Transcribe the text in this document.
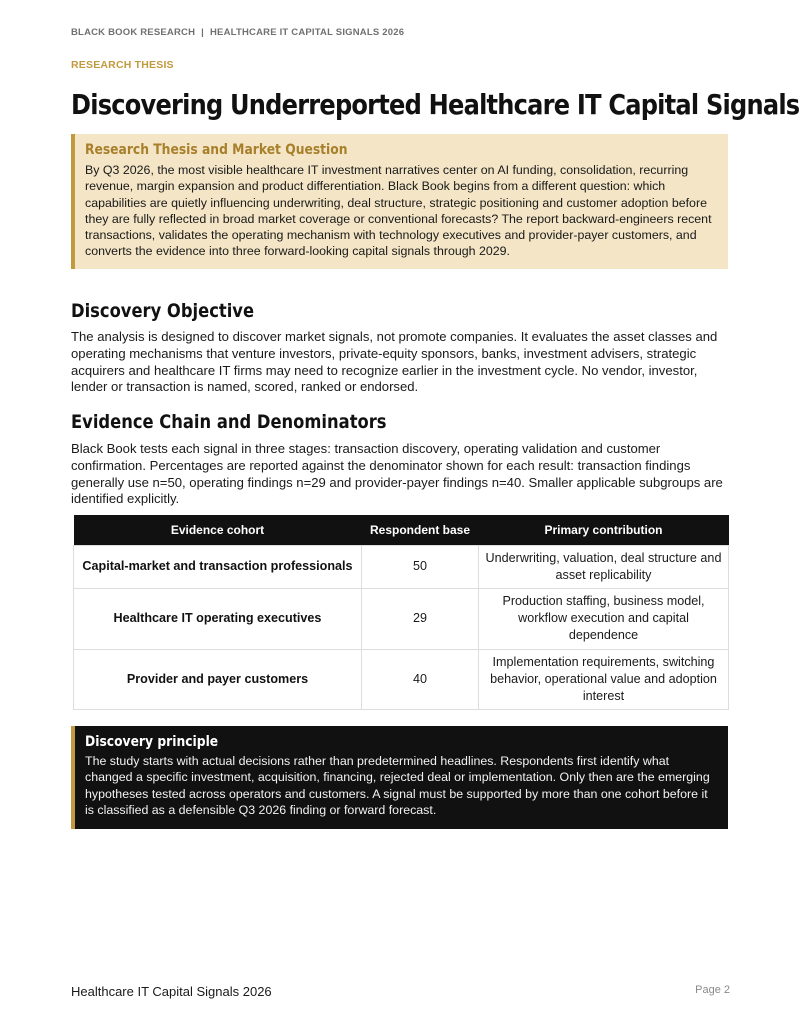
BLACK BOOK RESEARCH | HEALTHCARE IT CAPITAL SIGNALS 2026
RESEARCH THESIS
Discovering Underreported Healthcare IT Capital Signals
Research Thesis and Market Question

By Q3 2026, the most visible healthcare IT investment narratives center on AI funding, consolidation, recurring revenue, margin expansion and product differentiation. Black Book begins from a different question: which capabilities are quietly influencing underwriting, deal structure, strategic positioning and customer adoption before they are fully reflected in broad market coverage or conventional forecasts? The report backward-engineers recent transactions, validates the operating mechanism with technology executives and provider-payer customers, and converts the evidence into three forward-looking capital signals through 2029.

Discovery Objective

The analysis is designed to discover market signals, not promote companies. It evaluates the asset classes and operating mechanisms that venture investors, private-equity sponsors, banks, investment advisers, strategic acquirers and healthcare IT firms may need to recognize earlier in the investment cycle. No vendor, investor, lender or transaction is named, scored, ranked or endorsed.

Evidence Chain and Denominators

Black Book tests each signal in three stages: transaction discovery, operating validation and customer confirmation. Percentages are reported against the denominator shown for each result: transaction findings generally use n=50, operating findings n=29 and provider-payer findings n=40. Smaller applicable subgroups are identified explicitly.

Evidence cohort	Respondent base	Primary contribution
Capital-market and transaction professionals	50	Underwriting, valuation, deal structure and asset replicability
Healthcare IT operating executives	29	Production staffing, business model, workflow execution and capital dependence
Provider and payer customers	40	Implementation requirements, switching behavior, operational value and adoption interest
Discovery principle

The study starts with actual decisions rather than predetermined headlines. Respondents first identify what changed a specific investment, acquisition, financing, rejected deal or implementation. Only then are the emerging hypotheses tested across operators and customers. A signal must be supported by more than one cohort before it is classified as a defensible Q3 2026 finding or forward forecast.

Healthcare IT Capital Signals 2026	Page 2
